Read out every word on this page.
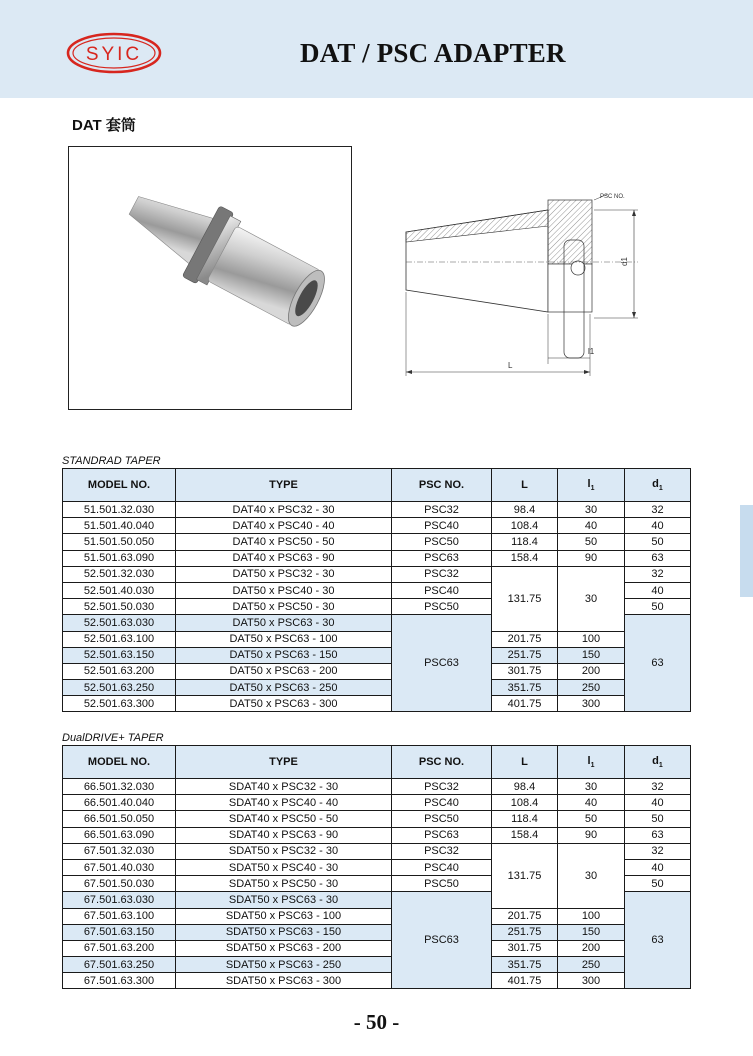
SYIC	DAT / PSC ADAPTER
DAT 套筒
d1
L
l1
PSC NO.
STANDRAD TAPER
MODEL NO.	TYPE	PSC NO.	L	$l_1$	$d_1$
51.501.32.030	DAT40 x PSC32 - 30	PSC32	98.4	30	32
51.501.40.040	DAT40 x PSC40 - 40	PSC40	108.4	40	40
51.501.50.050	DAT40 x PSC50 - 50	PSC50	118.4	50	50
51.501.63.090	DAT40 x PSC63 - 90	PSC63	158.4	90	63
52.501.32.030	DAT50 x PSC32 - 30	PSC32	131.75	30	32
52.501.40.030	DAT50 x PSC40 - 30	PSC40			40
52.501.50.030	DAT50 x PSC50 - 30	PSC50			50
52.501.63.030	DAT50 x PSC63 - 30	PSC63			63
52.501.63.100	DAT50 x PSC63 - 100		201.75	100	
52.501.63.150	DAT50 x PSC63 - 150		251.75	150	
52.501.63.200	DAT50 x PSC63 - 200		301.75	200	
52.501.63.250	DAT50 x PSC63 - 250		351.75	250	
52.501.63.300	DAT50 x PSC63 - 300		401.75	300	
DualDRIVE+ TAPER
MODEL NO.	TYPE	PSC NO.	L	$l_1$	$d_1$
66.501.32.030	SDAT40 x PSC32 - 30	PSC32	98.4	30	32
66.501.40.040	SDAT40 x PSC40 - 40	PSC40	108.4	40	40
66.501.50.050	SDAT40 x PSC50 - 50	PSC50	118.4	50	50
66.501.63.090	SDAT40 x PSC63 - 90	PSC63	158.4	90	63
67.501.32.030	SDAT50 x PSC32 - 30	PSC32	131.75	30	32
67.501.40.030	SDAT50 x PSC40 - 30	PSC40			40
67.501.50.030	SDAT50 x PSC50 - 30	PSC50			50
67.501.63.030	SDAT50 x PSC63 - 30	PSC63			63
67.501.63.100	SDAT50 x PSC63 - 100		201.75	100	
67.501.63.150	SDAT50 x PSC63 - 150		251.75	150	
67.501.63.200	SDAT50 x PSC63 - 200		301.75	200	
67.501.63.250	SDAT50 x PSC63 - 250		351.75	250	
67.501.63.300	SDAT50 x PSC63 - 300		401.75	300	
- 50 -
